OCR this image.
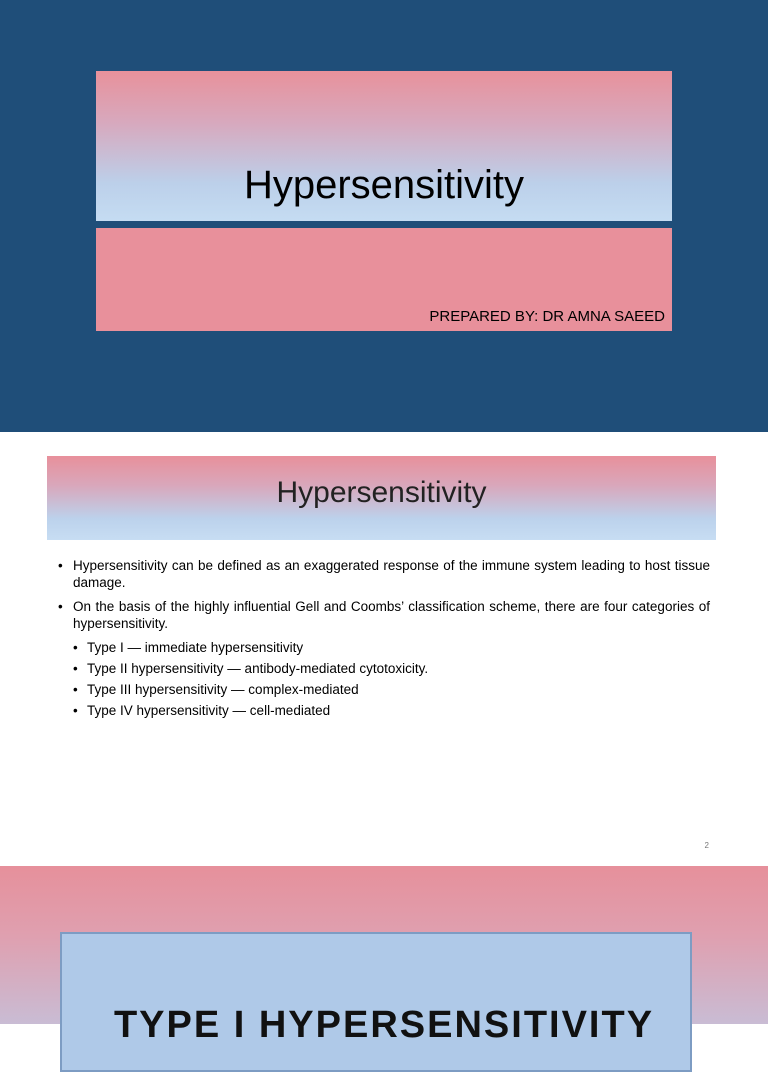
Hypersensitivity
PREPARED BY: DR AMNA SAEED
Hypersensitivity
• Hypersensitivity can be defined as an exaggerated response of the immune system leading to host tissue damage.
• On the basis of the highly influential Gell and Coombs’ classification scheme, there are four categories of hypersensitivity.
• Type I — immediate hypersensitivity
• Type II hypersensitivity — antibody-mediated cytotoxicity.
• Type III hypersensitivity — complex-mediated
• Type IV hypersensitivity — cell-mediated
2
TYPE I HYPERSENSITIVITY
